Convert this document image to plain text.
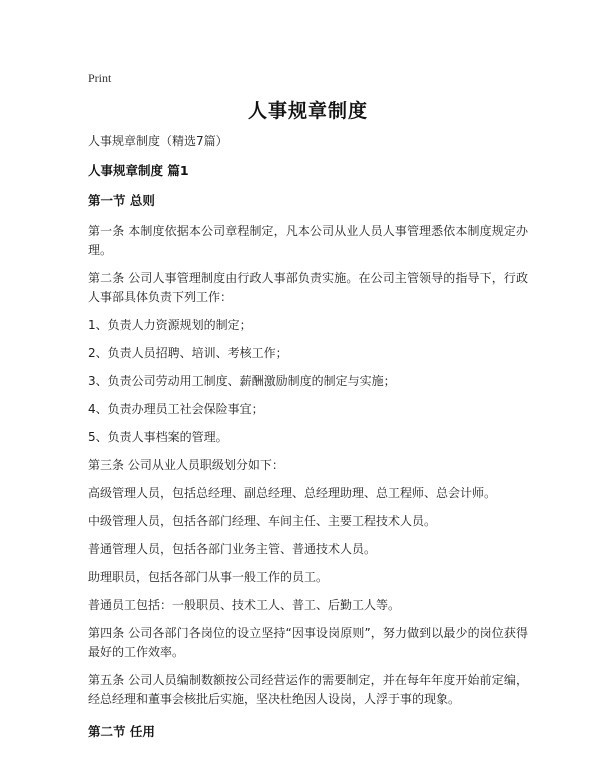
Print
人事规章制度
人事规章制度（精选7篇）
人事规章制度 篇1
第一节 总则
第一条 本制度依据本公司章程制定，凡本公司从业人员人事管理悉依本制度规定办理。
第二条 公司人事管理制度由行政人事部负责实施。在公司主管领导的指导下，行政人事部具体负责下列工作：
1、负责人力资源规划的制定；
2、负责人员招聘、培训、考核工作；
3、负责公司劳动用工制度、薪酬激励制度的制定与实施；
4、负责办理员工社会保险事宜；
5、负责人事档案的管理。
第三条 公司从业人员职级划分如下：
高级管理人员，包括总经理、副总经理、总经理助理、总工程师、总会计师。
中级管理人员，包括各部门经理、车间主任、主要工程技术人员。
普通管理人员，包括各部门业务主管、普通技术人员。
助理职员，包括各部门从事一般工作的员工。
普通员工包括：一般职员、技术工人、普工、后勤工人等。
第四条 公司各部门各岗位的设立坚持“因事设岗原则”，努力做到以最少的岗位获得最好的工作效率。
第五条 公司人员编制数额按公司经营运作的需要制定，并在每年年度开始前定编，经总经理和董事会核批后实施，坚决杜绝因人设岗，人浮于事的现象。
第二节 任用
